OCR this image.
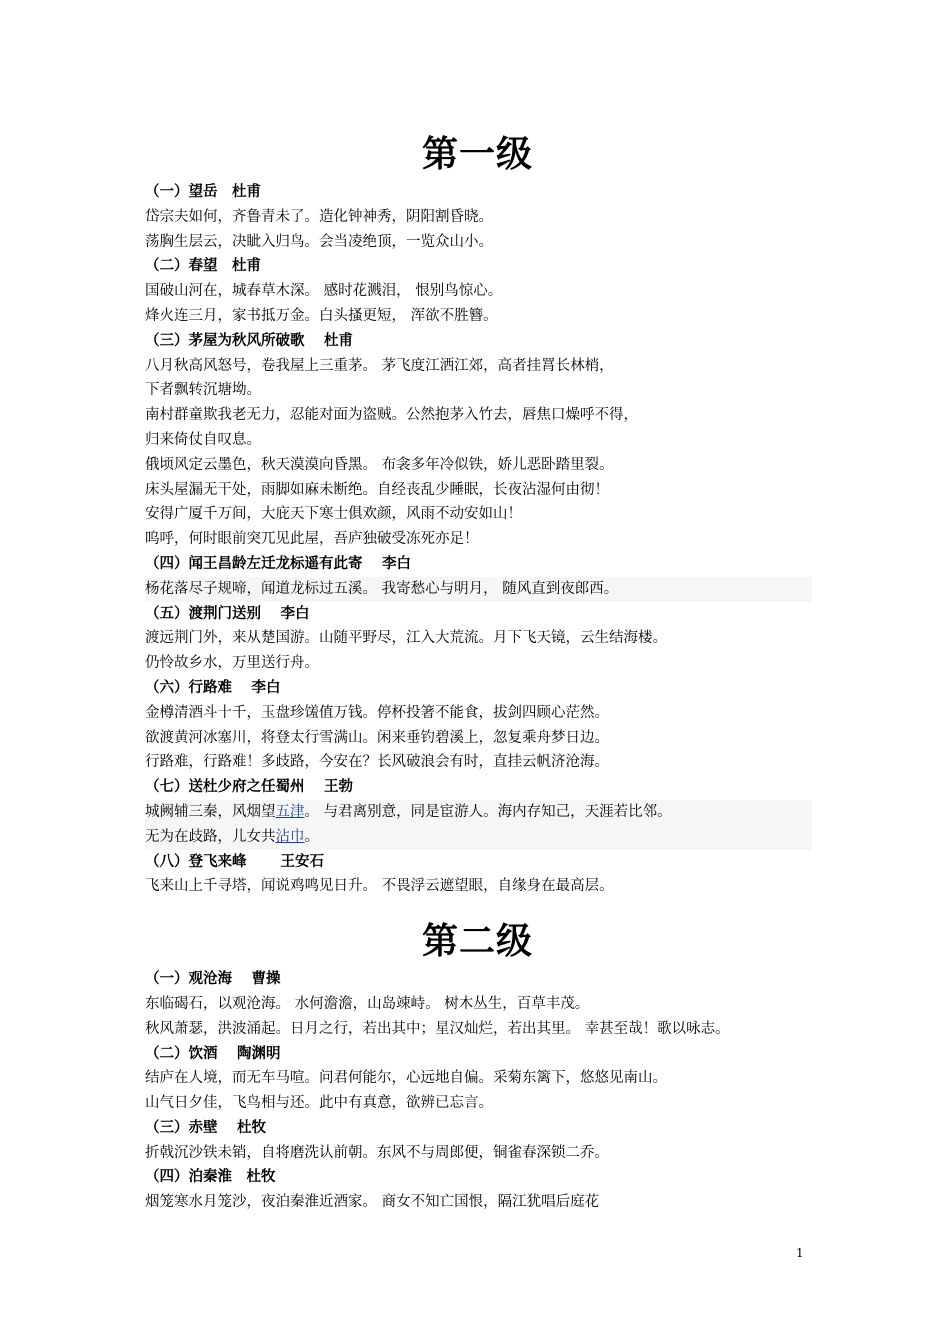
第一级
（一）望岳　杜甫
岱宗夫如何，齐鲁青未了。造化钟神秀，阴阳割昏晓。
荡胸生层云，决眦入归鸟。会当凌绝顶，一览众山小。
（二）春望　杜甫
国破山河在，城春草木深。 感时花溅泪， 恨别鸟惊心。
烽火连三月，家书抵万金。白头搔更短， 浑欲不胜簪。
（三）茅屋为秋风所破歌　 杜甫
八月秋高风怒号，卷我屋上三重茅。 茅飞度江洒江郊，高者挂罥长林梢，
下者飘转沉塘坳。
南村群童欺我老无力，忍能对面为盗贼。公然抱茅入竹去，唇焦口燥呼不得，
归来倚仗自叹息。
俄顷风定云墨色，秋天漠漠向昏黑。 布衾多年冷似铁，娇儿恶卧踏里裂。
床头屋漏无干处，雨脚如麻未断绝。自经丧乱少睡眠，长夜沾湿何由彻！
安得广厦千万间，大庇天下寒士俱欢颜，风雨不动安如山！
呜呼，何时眼前突兀见此屋，吾庐独破受冻死亦足！
（四）闻王昌龄左迁龙标遥有此寄　 李白
杨花落尽子规啼，闻道龙标过五溪。 我寄愁心与明月， 随风直到夜郎西。
（五）渡荆门送别　 李白
渡远荆门外，来从楚国游。山随平野尽，江入大荒流。月下飞天镜，云生结海楼。
仍怜故乡水，万里送行舟。
（六）行路难　 李白
金樽清酒斗十千，玉盘珍馐值万钱。停杯投箸不能食，拔剑四顾心茫然。
欲渡黄河冰塞川，将登太行雪满山。闲来垂钓碧溪上，忽复乘舟梦日边。
行路难，行路难！多歧路，今安在？长风破浪会有时，直挂云帆济沧海。
（七）送杜少府之任蜀州　 王勃
城阙辅三秦，风烟望五津。 与君离别意，同是宦游人。海内存知己，天涯若比邻。
无为在歧路，儿女共沾巾。
（八）登飞来峰　　 王安石
飞来山上千寻塔，闻说鸡鸣见日升。 不畏浮云遮望眼，自缘身在最高层。
第二级
（一）观沧海　 曹操
东临碣石，以观沧海。 水何澹澹，山岛竦峙。 树木丛生，百草丰茂。
秋风萧瑟，洪波涌起。日月之行，若出其中；星汉灿烂，若出其里。 幸甚至哉！歌以咏志。
（二）饮酒　 陶渊明
结庐在人境，而无车马喧。问君何能尔，心远地自偏。采菊东篱下，悠悠见南山。
山气日夕佳，飞鸟相与还。此中有真意，欲辨已忘言。
（三）赤壁　 杜牧
折戟沉沙铁未销，自将磨洗认前朝。东风不与周郎便，铜雀春深锁二乔。
（四）泊秦淮　杜牧
烟笼寒水月笼沙，夜泊秦淮近酒家。 商女不知亡国恨，隔江犹唱后庭花
1
